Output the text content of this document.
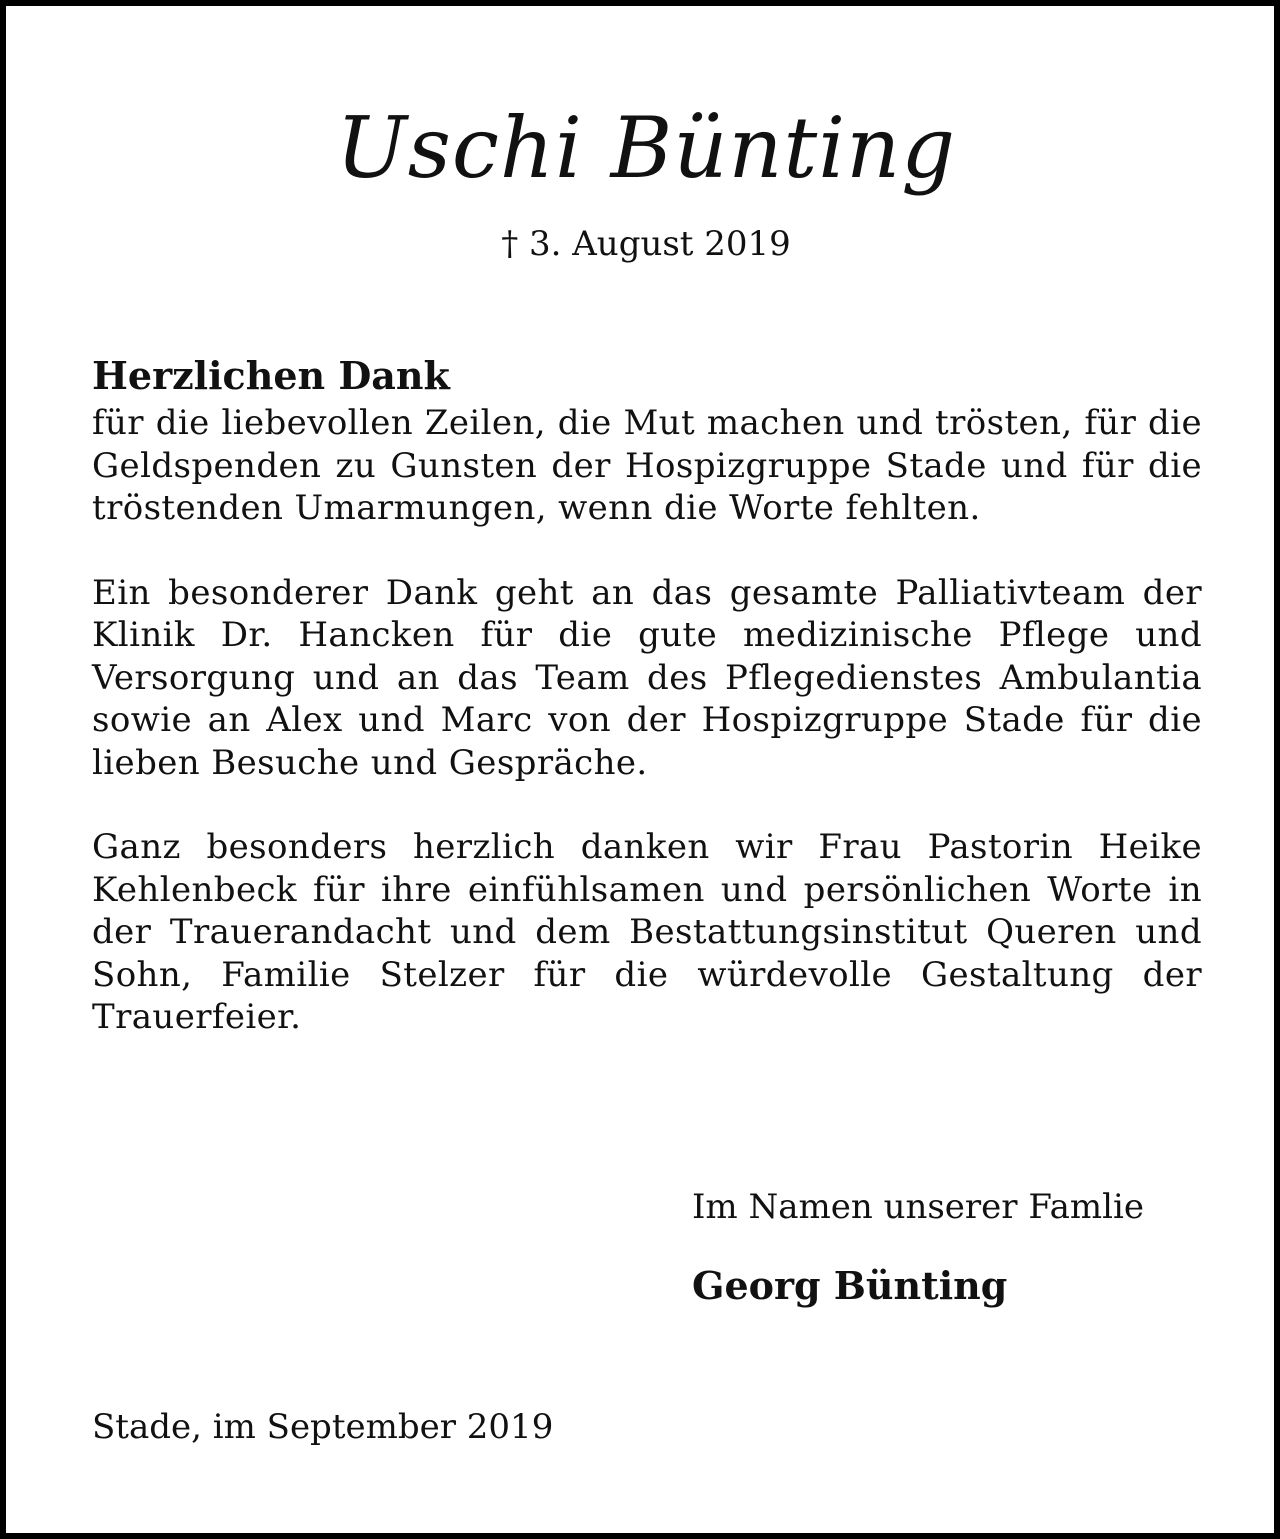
Uschi Bünting
† 3. August 2019
Herzlichen Dank

für die liebevollen Zeilen, die Mut machen und trösten, für die Geldspenden zu Gunsten der Hospizgruppe Stade und für die tröstenden Umarmungen, wenn die Worte fehlten.

Ein besonderer Dank geht an das gesamte Palliativteam der Klinik Dr. Hancken für die gute medizinische Pflege und Versorgung und an das Team des Pflegedienstes Ambulantia sowie an Alex und Marc von der Hospizgruppe Stade für die lieben Besuche und Gespräche.

Ganz besonders herzlich danken wir Frau Pastorin Heike Kehlenbeck für ihre einfühlsamen und persönlichen Worte in der Trauerandacht und dem Bestattungsinstitut Queren und Sohn, Familie Stelzer für die würdevolle Gestaltung der Trauerfeier.

Im Namen unserer Famlie

Georg Bünting

Stade, im September 2019
